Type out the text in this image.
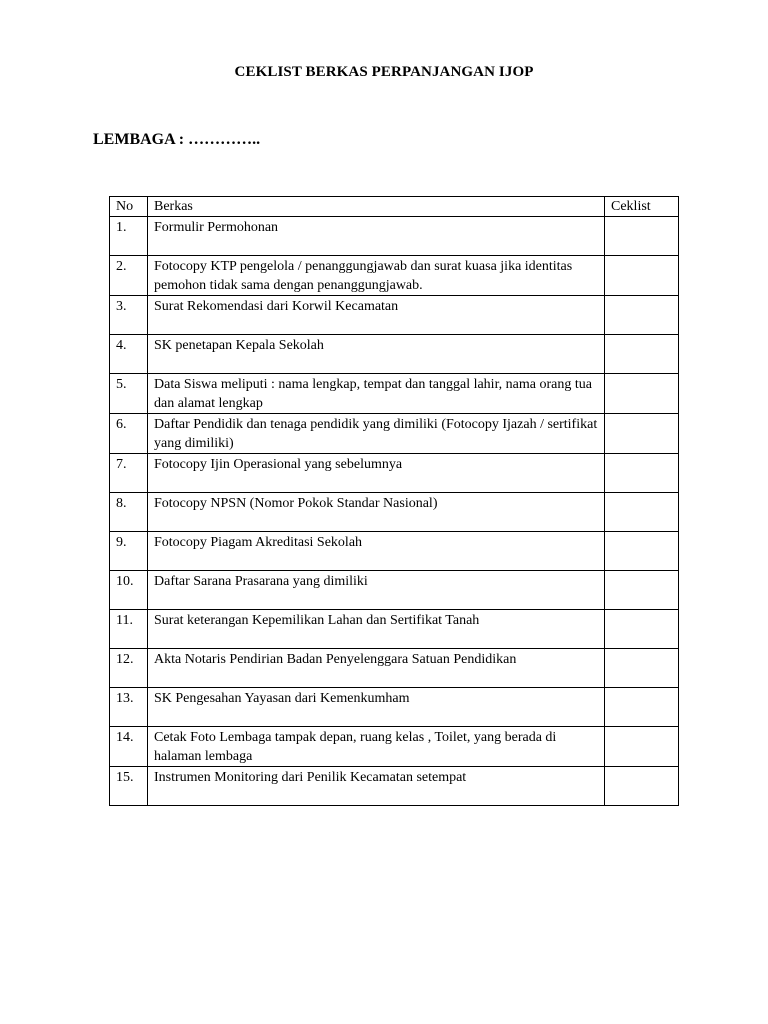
CEKLIST BERKAS PERPANJANGAN IJOP
LEMBAGA : …………..
No	Berkas	Ceklist
1.	Formulir Permohonan	
2.	Fotocopy KTP pengelola / penanggungjawab dan surat kuasa jika identitas pemohon tidak sama dengan penanggungjawab.	
3.	Surat Rekomendasi dari Korwil Kecamatan	
4.	SK penetapan Kepala Sekolah	
5.	Data Siswa meliputi : nama lengkap, tempat dan tanggal lahir, nama orang tua dan alamat lengkap	
6.	Daftar Pendidik dan tenaga pendidik yang dimiliki (Fotocopy Ijazah / sertifikat yang dimiliki)	
7.	Fotocopy Ijin Operasional yang sebelumnya	
8.	Fotocopy NPSN (Nomor Pokok Standar Nasional)	
9.	Fotocopy Piagam Akreditasi Sekolah	
10.	Daftar Sarana Prasarana yang dimiliki	
11.	Surat keterangan Kepemilikan Lahan dan Sertifikat Tanah	
12.	Akta Notaris Pendirian Badan Penyelenggara Satuan Pendidikan	
13.	SK Pengesahan Yayasan dari Kemenkumham	
14.	Cetak Foto Lembaga tampak depan, ruang kelas , Toilet, yang berada di halaman lembaga	
15.	Instrumen Monitoring dari Penilik Kecamatan setempat	
